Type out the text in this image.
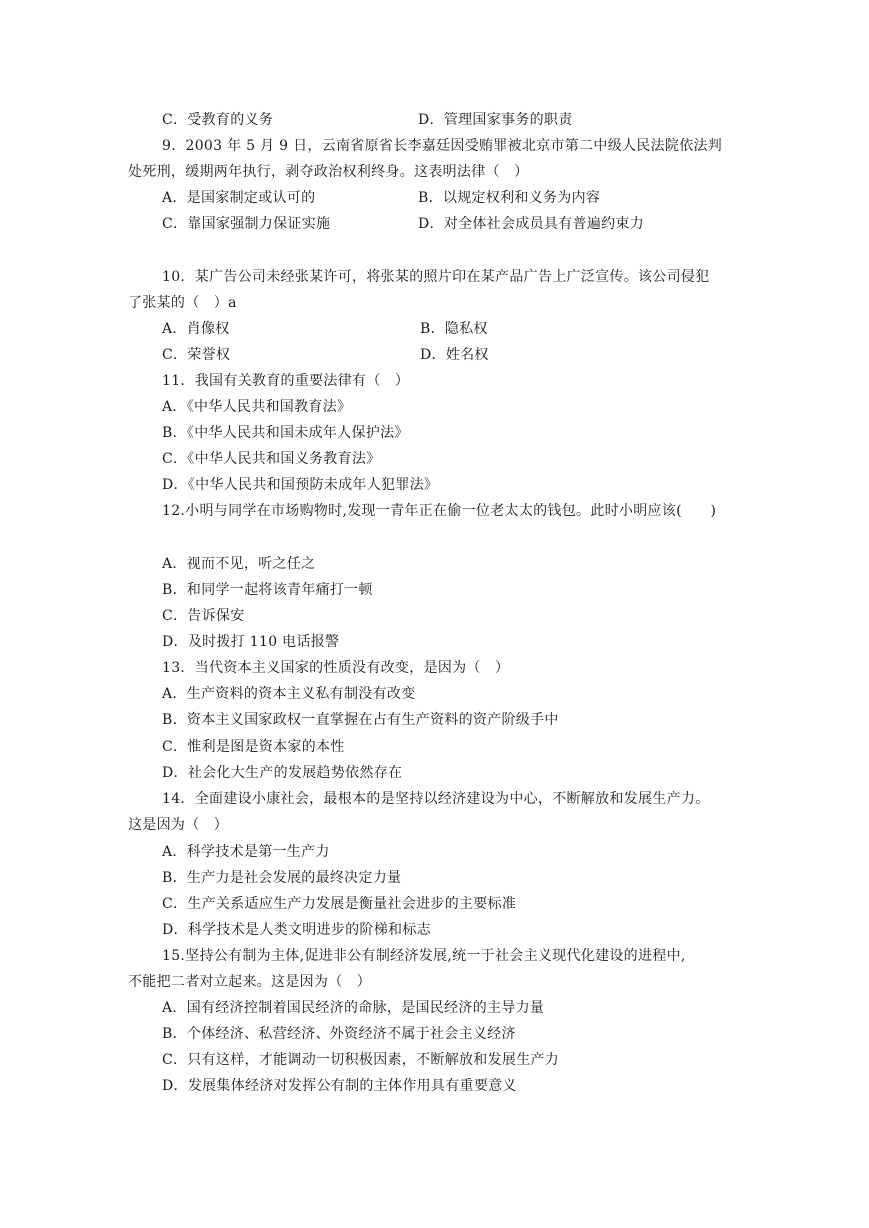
C．受教育的义务	D．管理国家事务的职责
9．2003 年 5 月 9 日，云南省原省长李嘉廷因受贿罪被北京市第二中级人民法院依法判
处死刑，缓期两年执行，剥夺政治权利终身。这表明法律（　）
A．是国家制定或认可的	B．以规定权利和义务为内容
C．靠国家强制力保证实施	D．对全体社会成员具有普遍约束力
10．某广告公司未经张某许可，将张某的照片印在某产品广告上广泛宣传。该公司侵犯
了张某的（　）a
A．肖像权	B．隐私权
C．荣誉权	D．姓名权
11．我国有关教育的重要法律有（　）
A．《中华人民共和国教育法》
B．《中华人民共和国未成年人保护法》
C．《中华人民共和国义务教育法》
D．《中华人民共和国预防未成年人犯罪法》
12.小明与同学在市场购物时,发现一青年正在偷一位老太太的钱包。此时小明应该(　　)
A．视而不见，听之任之
B．和同学一起将该青年痛打一顿
C．告诉保安
D．及时拨打 110 电话报警
13．当代资本主义国家的性质没有改变，是因为（　）
A．生产资料的资本主义私有制没有改变
B．资本主义国家政权一直掌握在占有生产资料的资产阶级手中
C．惟利是图是资本家的本性
D．社会化大生产的发展趋势依然存在
14．全面建设小康社会，最根本的是坚持以经济建设为中心，不断解放和发展生产力。
这是因为（　）
A．科学技术是第一生产力
B．生产力是社会发展的最终决定力量
C．生产关系适应生产力发展是衡量社会进步的主要标准
D．科学技术是人类文明进步的阶梯和标志
15.坚持公有制为主体,促进非公有制经济发展,统一于社会主义现代化建设的进程中,
不能把二者对立起来。这是因为（　）
A．国有经济控制着国民经济的命脉，是国民经济的主导力量
B．个体经济、私营经济、外资经济不属于社会主义经济
C．只有这样，才能调动一切积极因素，不断解放和发展生产力
D．发展集体经济对发挥公有制的主体作用具有重要意义
